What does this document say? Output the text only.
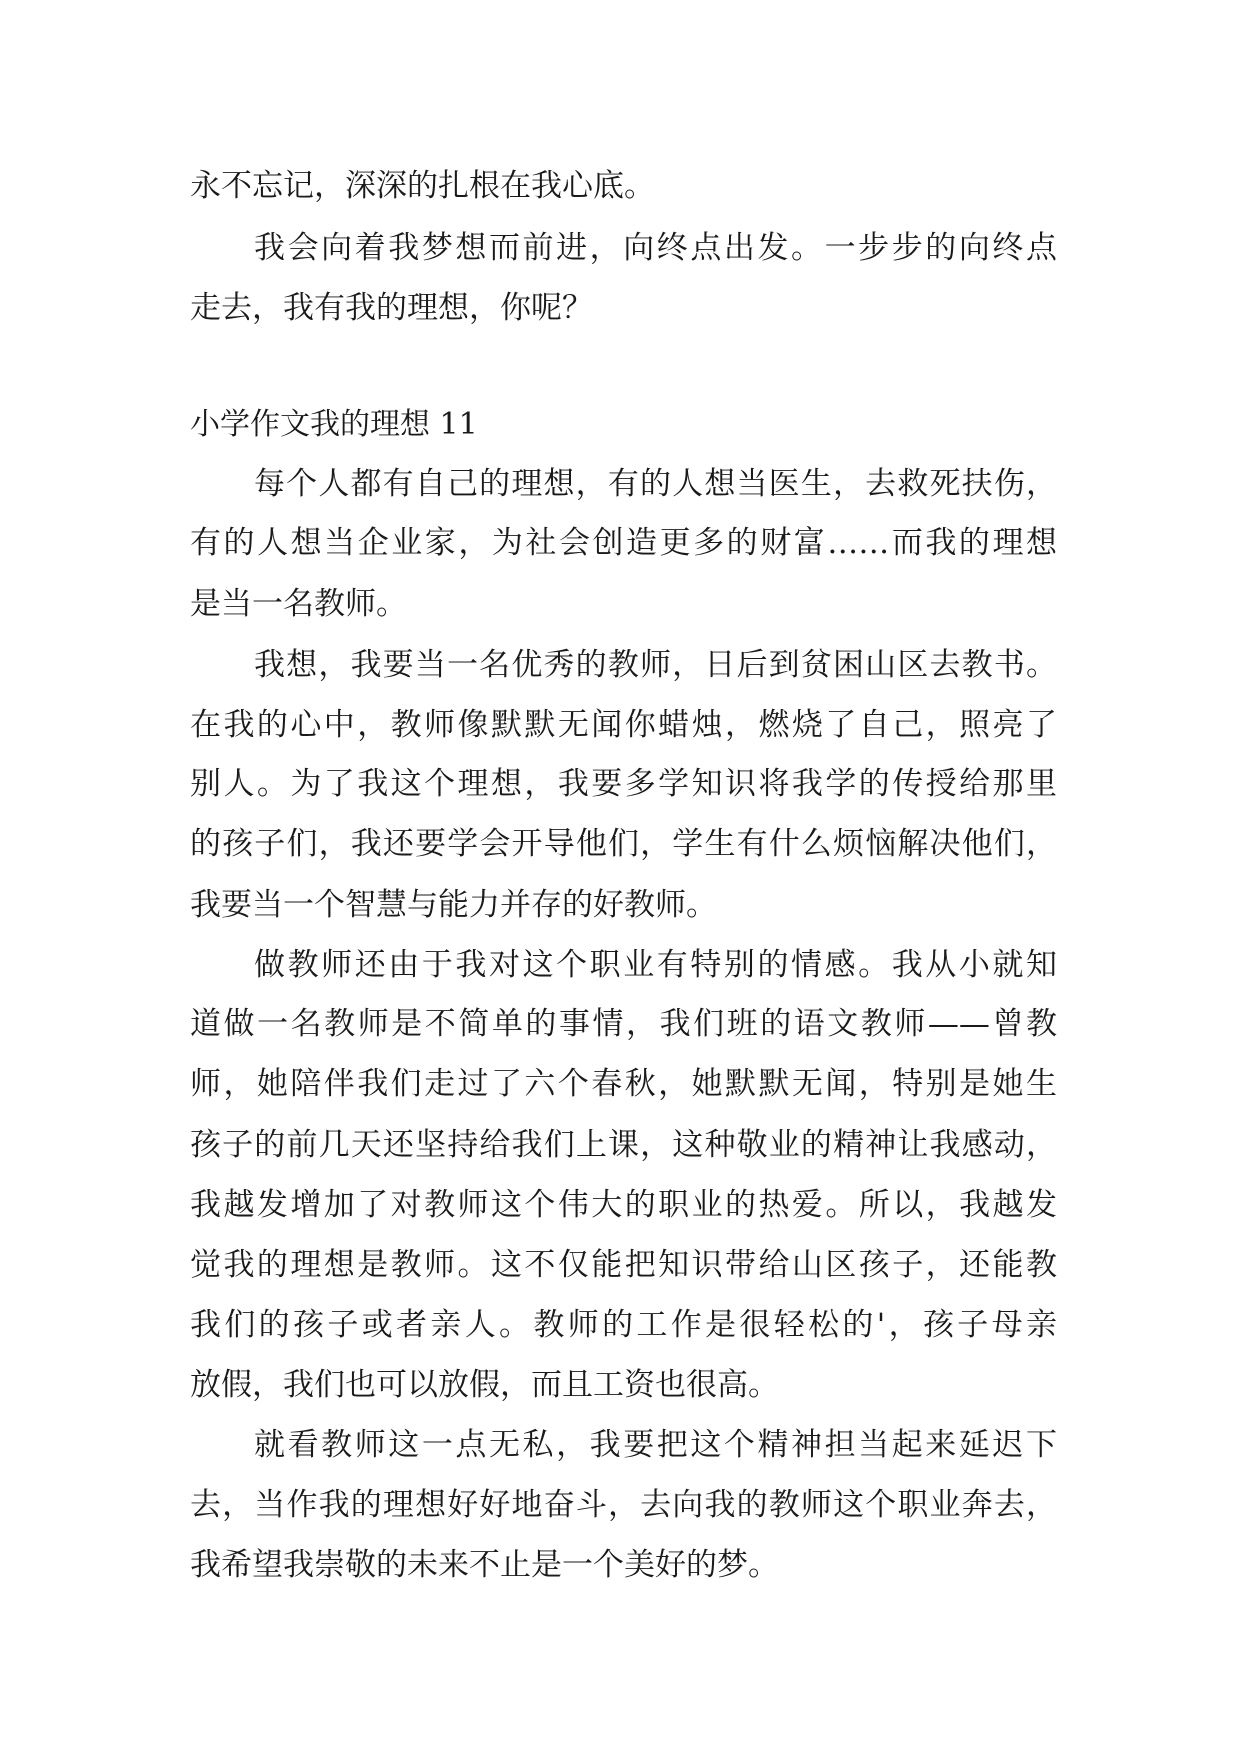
永不忘记，深深的扎根在我心底。

我会向着我梦想而前进，向终点出发。一步步的向终点

走去，我有我的理想，你呢？

小学作文我的理想 11

每个人都有自己的理想，有的人想当医生，去救死扶伤，

有的人想当企业家，为社会创造更多的财富……而我的理想

是当一名教师。

我想，我要当一名优秀的教师，日后到贫困山区去教书。

在我的心中，教师像默默无闻你蜡烛，燃烧了自己，照亮了

别人。为了我这个理想，我要多学知识将我学的传授给那里

的孩子们，我还要学会开导他们，学生有什么烦恼解决他们，

我要当一个智慧与能力并存的好教师。

做教师还由于我对这个职业有特别的情感。我从小就知

道做一名教师是不简单的事情，我们班的语文教师——曾教

师，她陪伴我们走过了六个春秋，她默默无闻，特别是她生

孩子的前几天还坚持给我们上课，这种敬业的精神让我感动，

我越发增加了对教师这个伟大的职业的热爱。所以，我越发

觉我的理想是教师。这不仅能把知识带给山区孩子，还能教

我们的孩子或者亲人。教师的工作是很轻松的'，孩子母亲

放假，我们也可以放假，而且工资也很高。

就看教师这一点无私，我要把这个精神担当起来延迟下

去，当作我的理想好好地奋斗，去向我的教师这个职业奔去，

我希望我崇敬的未来不止是一个美好的梦。
